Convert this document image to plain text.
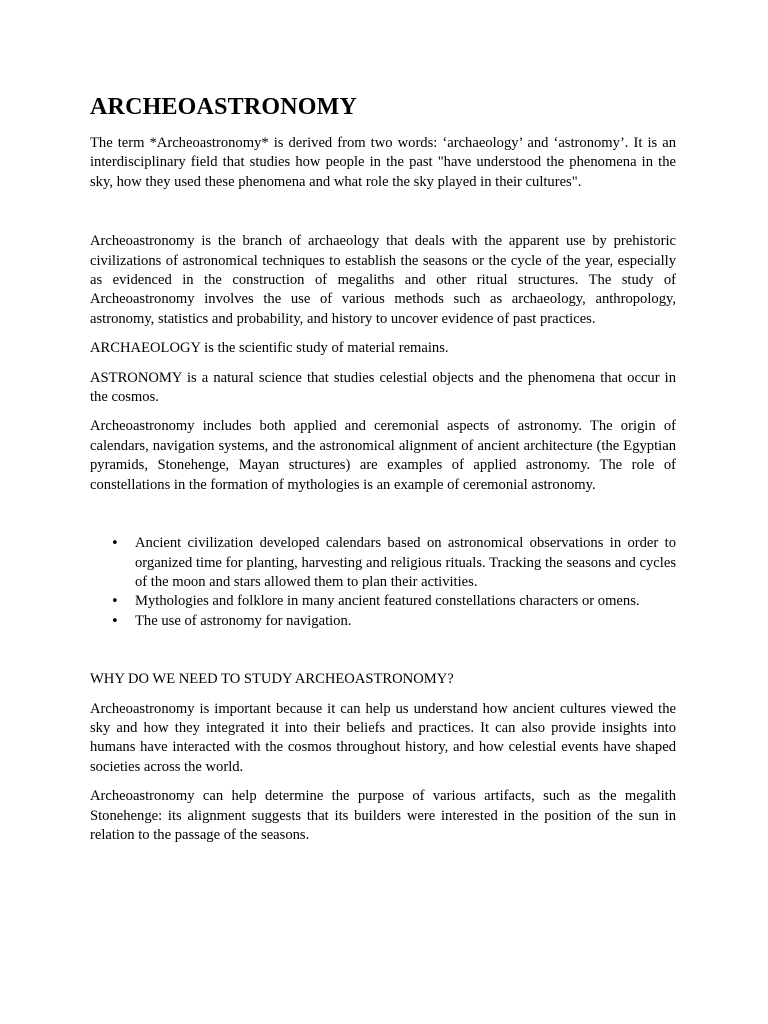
ARCHEOASTRONOMY

The term *Archeoastronomy* is derived from two words: ‘archaeology’ and ‘astronomy’. It is an interdisciplinary field that studies how people in the past "have understood the phenomena in the sky, how they used these phenomena and what role the sky played in their cultures".

Archeoastronomy is the branch of archaeology that deals with the apparent use by prehistoric civilizations of astronomical techniques to establish the seasons or the cycle of the year, especially as evidenced in the construction of megaliths and other ritual structures. The study of Archeoastronomy involves the use of various methods such as archaeology, anthropology, astronomy, statistics and probability, and history to uncover evidence of past practices.

ARCHAEOLOGY is the scientific study of material remains.

ASTRONOMY is a natural science that studies celestial objects and the phenomena that occur in the cosmos.

Archeoastronomy includes both applied and ceremonial aspects of astronomy. The origin of calendars, navigation systems, and the astronomical alignment of ancient architecture (the Egyptian pyramids, Stonehenge, Mayan structures) are examples of applied astronomy. The role of constellations in the formation of mythologies is an example of ceremonial astronomy.

• Ancient civilization developed calendars based on astronomical observations in order to organized time for planting, harvesting and religious rituals. Tracking the seasons and cycles of the moon and stars allowed them to plan their activities.
• Mythologies and folklore in many ancient featured constellations characters or omens.
• The use of astronomy for navigation.
WHY DO WE NEED TO STUDY ARCHEOASTRONOMY?

Archeoastronomy is important because it can help us understand how ancient cultures viewed the sky and how they integrated it into their beliefs and practices. It can also provide insights into humans have interacted with the cosmos throughout history, and how celestial events have shaped societies across the world.

Archeoastronomy can help determine the purpose of various artifacts, such as the megalith Stonehenge: its alignment suggests that its builders were interested in the position of the sun in relation to the passage of the seasons.
